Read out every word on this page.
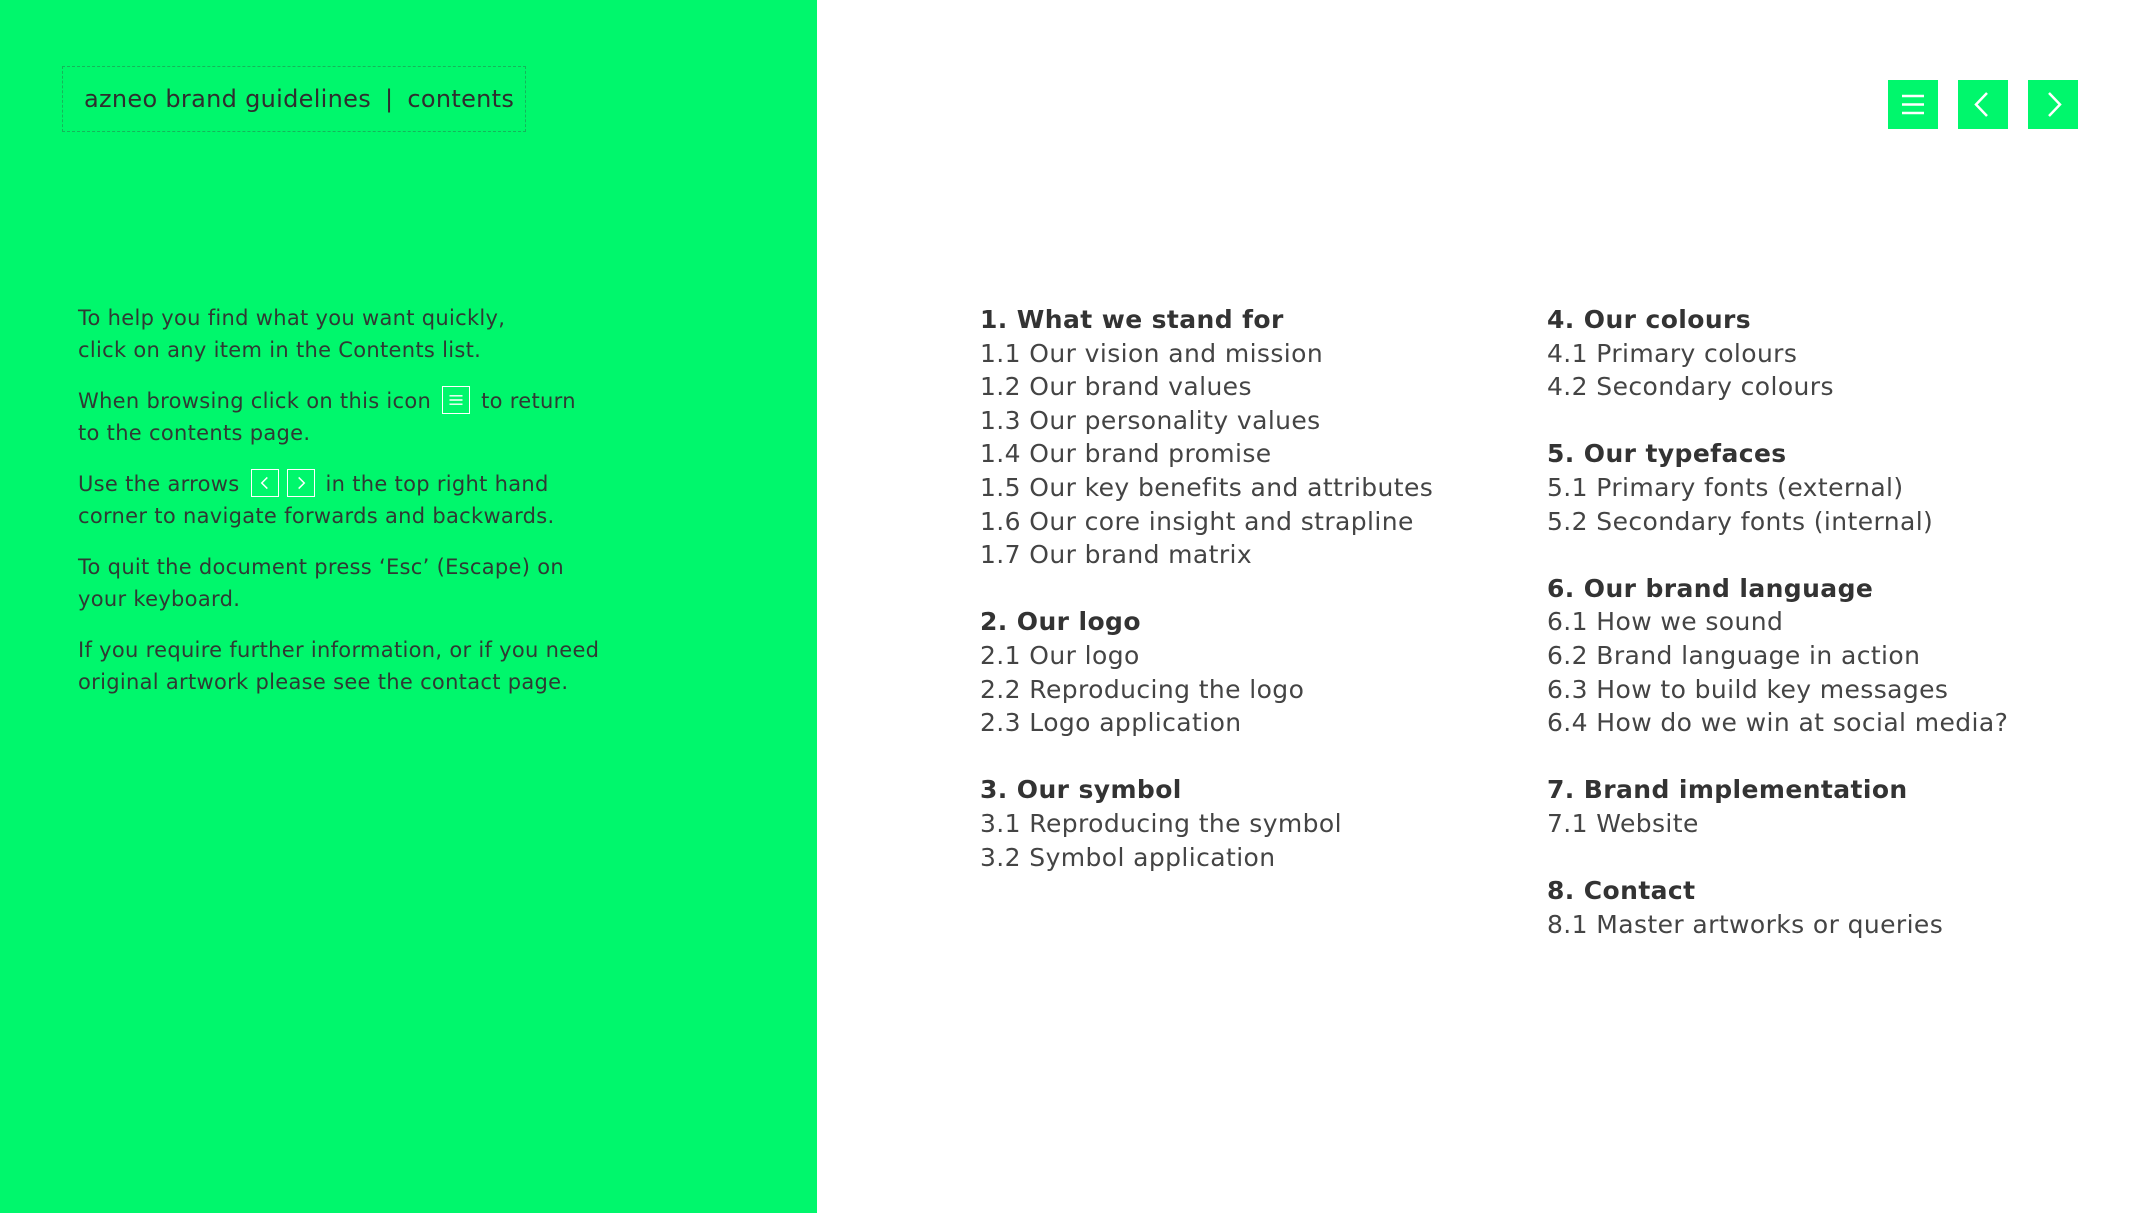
azneo brand guidelines | contents

To help you find what you want quickly,
click on any item in the Contents list.

When browsing click on this icon to return
to the contents page.

Use the arrows	in the top right hand
corner to navigate forwards and backwards.

To quit the document press ‘Esc’ (Escape) on
your keyboard.

If you require further information, or if you need
original artwork please see the contact page.

1. What we stand for
1.1 Our vision and mission
1.2 Our brand values
1.3 Our personality values
1.4 Our brand promise
1.5 Our key benefits and attributes
1.6 Our core insight and strapline
1.7 Our brand matrix
2. Our logo
2.1 Our logo
2.2 Reproducing the logo
2.3 Logo application
3. Our symbol
3.1 Reproducing the symbol
3.2 Symbol application
4. Our colours
4.1 Primary colours
4.2 Secondary colours
5. Our typefaces
5.1 Primary fonts (external)
5.2 Secondary fonts (internal)
6. Our brand language
6.1 How we sound
6.2 Brand language in action
6.3 How to build key messages
6.4 How do we win at social media?
7. Brand implementation
7.1 Website
8. Contact
8.1 Master artworks or queries
